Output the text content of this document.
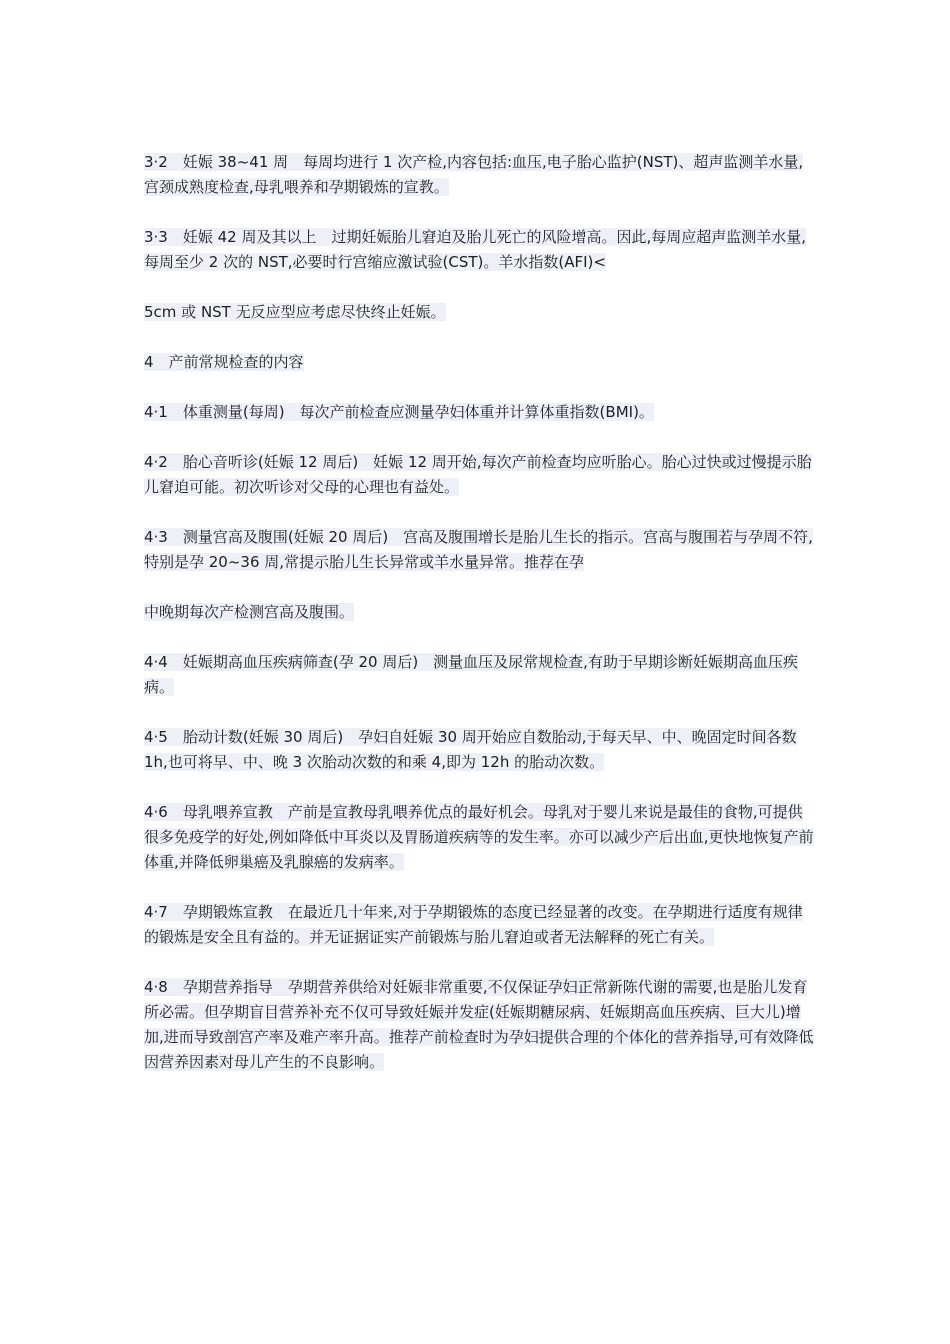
3·2　妊娠 38~41 周　每周均进行 1 次产检,内容包括:血压,电子胎心监护(NST)、超声监测羊水量,宫颈成熟度检查,母乳喂养和孕期锻炼的宣教。

3·3　妊娠 42 周及其以上　过期妊娠胎儿窘迫及胎儿死亡的风险增高。因此,每周应超声监测羊水量,每周至少 2 次的 NST,必要时行宫缩应激试验(CST)。羊水指数(AFI)<

5cm 或 NST 无反应型应考虑尽快终止妊娠。

4　产前常规检查的内容

4·1　体重测量(每周)　每次产前检查应测量孕妇体重并计算体重指数(BMI)。

4·2　胎心音听诊(妊娠 12 周后)　妊娠 12 周开始,每次产前检查均应听胎心。胎心过快或过慢提示胎儿窘迫可能。初次听诊对父母的心理也有益处。

4·3　测量宫高及腹围(妊娠 20 周后)　宫高及腹围增长是胎儿生长的指示。宫高与腹围若与孕周不符,特别是孕 20~36 周,常提示胎儿生长异常或羊水量异常。推荐在孕

中晚期每次产检测宫高及腹围。

4·4　妊娠期高血压疾病筛查(孕 20 周后)　测量血压及尿常规检查,有助于早期诊断妊娠期高血压疾病。

4·5　胎动计数(妊娠 30 周后)　孕妇自妊娠 30 周开始应自数胎动,于每天早、中、晚固定时间各数 1h,也可将早、中、晚 3 次胎动次数的和乘 4,即为 12h 的胎动次数。

4·6　母乳喂养宣教　产前是宣教母乳喂养优点的最好机会。母乳对于婴儿来说是最佳的食物,可提供很多免疫学的好处,例如降低中耳炎以及胃肠道疾病等的发生率。亦可以减少产后出血,更快地恢复产前体重,并降低卵巢癌及乳腺癌的发病率。

4·7　孕期锻炼宣教　在最近几十年来,对于孕期锻炼的态度已经显著的改变。在孕期进行适度有规律的锻炼是安全且有益的。并无证据证实产前锻炼与胎儿窘迫或者无法解释的死亡有关。

4·8　孕期营养指导　孕期营养供给对妊娠非常重要,不仅保证孕妇正常新陈代谢的需要,也是胎儿发育所必需。但孕期盲目营养补充不仅可导致妊娠并发症(妊娠期糖尿病、妊娠期高血压疾病、巨大儿)增加,进而导致剖宫产率及难产率升高。推荐产前检查时为孕妇提供合理的个体化的营养指导,可有效降低因营养因素对母儿产生的不良影响。
